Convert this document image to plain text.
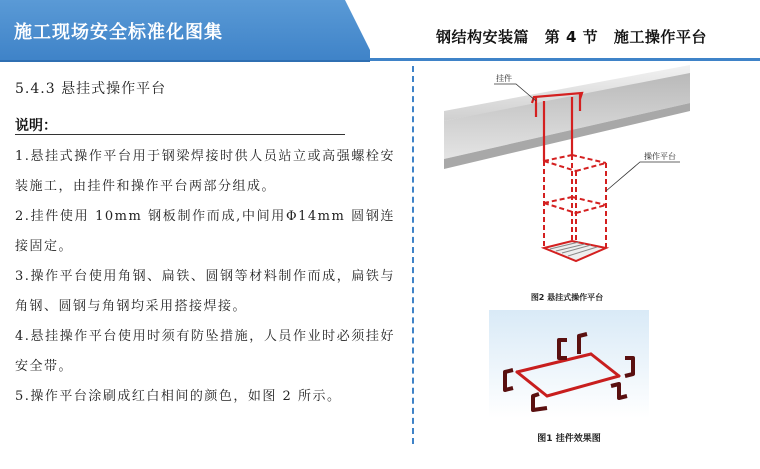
施工现场安全标准化图集	钢结构安装篇 第 4 节 施工操作平台
5.4.3 悬挂式操作平台
说明：

1.悬挂式操作平台用于钢梁焊接时供人员站立或高强螺栓安装施工，由挂件和操作平台两部分组成。

2.挂件使用 10mm 钢板制作而成,中间用Φ14mm 圆钢连接固定。

3.操作平台使用角钢、扁铁、圆钢等材料制作而成，扁铁与角钢、圆钢与角钢均采用搭接焊接。

4.悬挂操作平台使用时须有防坠措施，人员作业时必须挂好安全带。

5.操作平台涂刷成红白相间的颜色，如图 2 所示。

挂件
操作平台
图2 悬挂式操作平台
图1 挂件效果图
